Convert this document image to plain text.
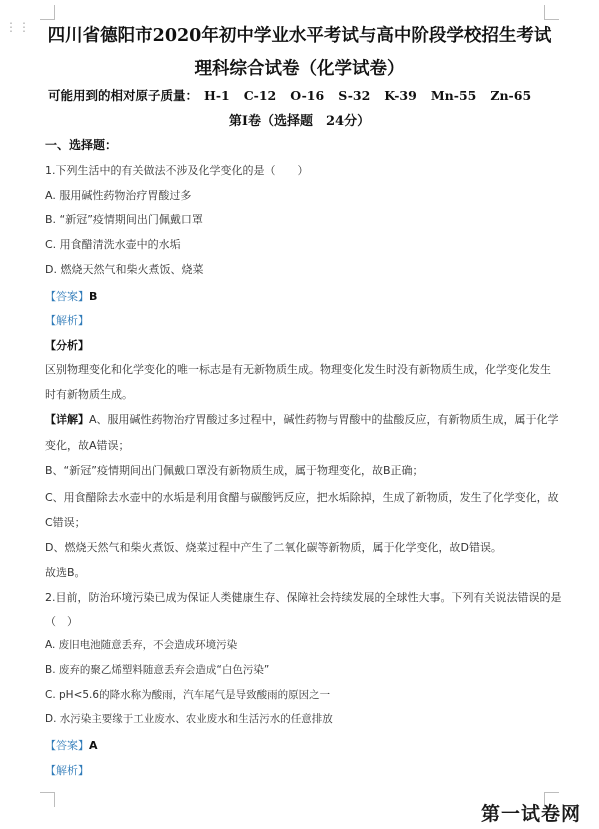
⋮⋮ 四川省德阳市2020年初中学业水平考试与高中阶段学校招生考试
理科综合试卷（化学试卷）
可能用到的相对原子质量： H-1 C-12 O-16 S-32 K-39 Mn-55 Zn-65
第I卷（选择题　24分）
一、选择题：
1.下列生活中的有关做法不涉及化学变化的是（　　）
A. 服用碱性药物治疗胃酸过多
B. “新冠”疫情期间出门佩戴口罩
C. 用食醋清洗水壶中的水垢
D. 燃烧天然气和柴火煮饭、烧菜
【答案】B
【解析】
【分析】
区别物理变化和化学变化的唯一标志是有无新物质生成。物理变化发生时没有新物质生成，化学变化发生
时有新物质生成。
【详解】A、服用碱性药物治疗胃酸过多过程中，碱性药物与胃酸中的盐酸反应，有新物质生成，属于化学
变化，故A错误；
B、“新冠”疫情期间出门佩戴口罩没有新物质生成，属于物理变化，故B正确；
C、用食醋除去水壶中的水垢是利用食醋与碳酸钙反应，把水垢除掉，生成了新物质，发生了化学变化，故
C错误；
D、燃烧天然气和柴火煮饭、烧菜过程中产生了二氧化碳等新物质，属于化学变化，故D错误。
故选B。
2.目前，防治环境污染已成为保证人类健康生存、保障社会持续发展的全球性大事。下列有关说法错误的是
（　）
A. 废旧电池随意丢弃，不会造成环境污染
B. 废弃的聚乙烯塑料随意丢弃会造成“白色污染”
C. pH<5.6的降水称为酸雨，汽车尾气是导致酸雨的原因之一
D. 水污染主要缘于工业废水、农业废水和生活污水的任意排放
【答案】A
【解析】
第一试卷网
